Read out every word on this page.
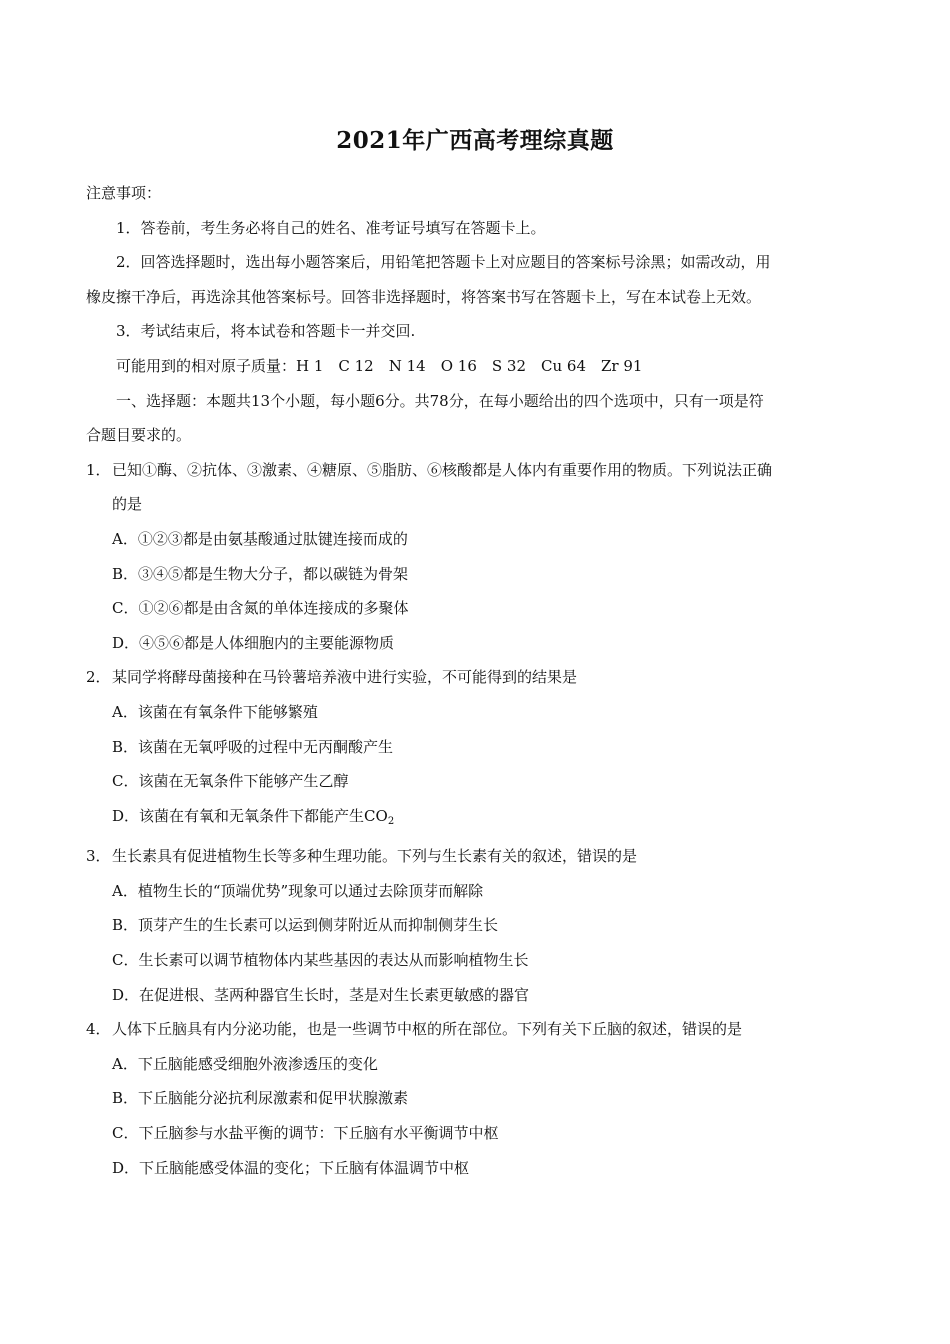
2021年广西高考理综真题

注意事项：

1．答卷前，考生务必将自己的姓名、准考证号填写在答题卡上。

2．回答选择题时，选出每小题答案后，用铅笔把答题卡上对应题目的答案标号涂黑；如需改动，用

橡皮擦干净后，再选涂其他答案标号。回答非选择题时，将答案书写在答题卡上，写在本试卷上无效。

3．考试结束后，将本试卷和答题卡一并交回.

可能用到的相对原子质量：H 1　C 12　N 14　O 16　S 32　Cu 64　Zr 91

一、选择题：本题共13个小题，每小题6分。共78分，在每小题给出的四个选项中，只有一项是符

合题目要求的。

1． 已知①酶、②抗体、③激素、④糖原、⑤脂肪、⑥核酸都是人体内有重要作用的物质。下列说法正确
的是

A．①②③都是由氨基酸通过肽键连接而成的

B．③④⑤都是生物大分子，都以碳链为骨架

C．①②⑥都是由含氮的单体连接成的多聚体

D．④⑤⑥都是人体细胞内的主要能源物质

2． 某同学将酵母菌接种在马铃薯培养液中进行实验，不可能得到的结果是

A．该菌在有氧条件下能够繁殖

B．该菌在无氧呼吸的过程中无丙酮酸产生

C．该菌在无氧条件下能够产生乙醇

D．该菌在有氧和无氧条件下都能产生$CO_2$

3． 生长素具有促进植物生长等多种生理功能。下列与生长素有关的叙述，错误的是

A．植物生长的“顶端优势”现象可以通过去除顶芽而解除

B．顶芽产生的生长素可以运到侧芽附近从而抑制侧芽生长

C．生长素可以调节植物体内某些基因的表达从而影响植物生长

D．在促进根、茎两种器官生长时，茎是对生长素更敏感的器官

4． 人体下丘脑具有内分泌功能，也是一些调节中枢的所在部位。下列有关下丘脑的叙述，错误的是

A．下丘脑能感受细胞外液渗透压的变化

B．下丘脑能分泌抗利尿激素和促甲状腺激素

C．下丘脑参与水盐平衡的调节：下丘脑有水平衡调节中枢

D．下丘脑能感受体温的变化；下丘脑有体温调节中枢
